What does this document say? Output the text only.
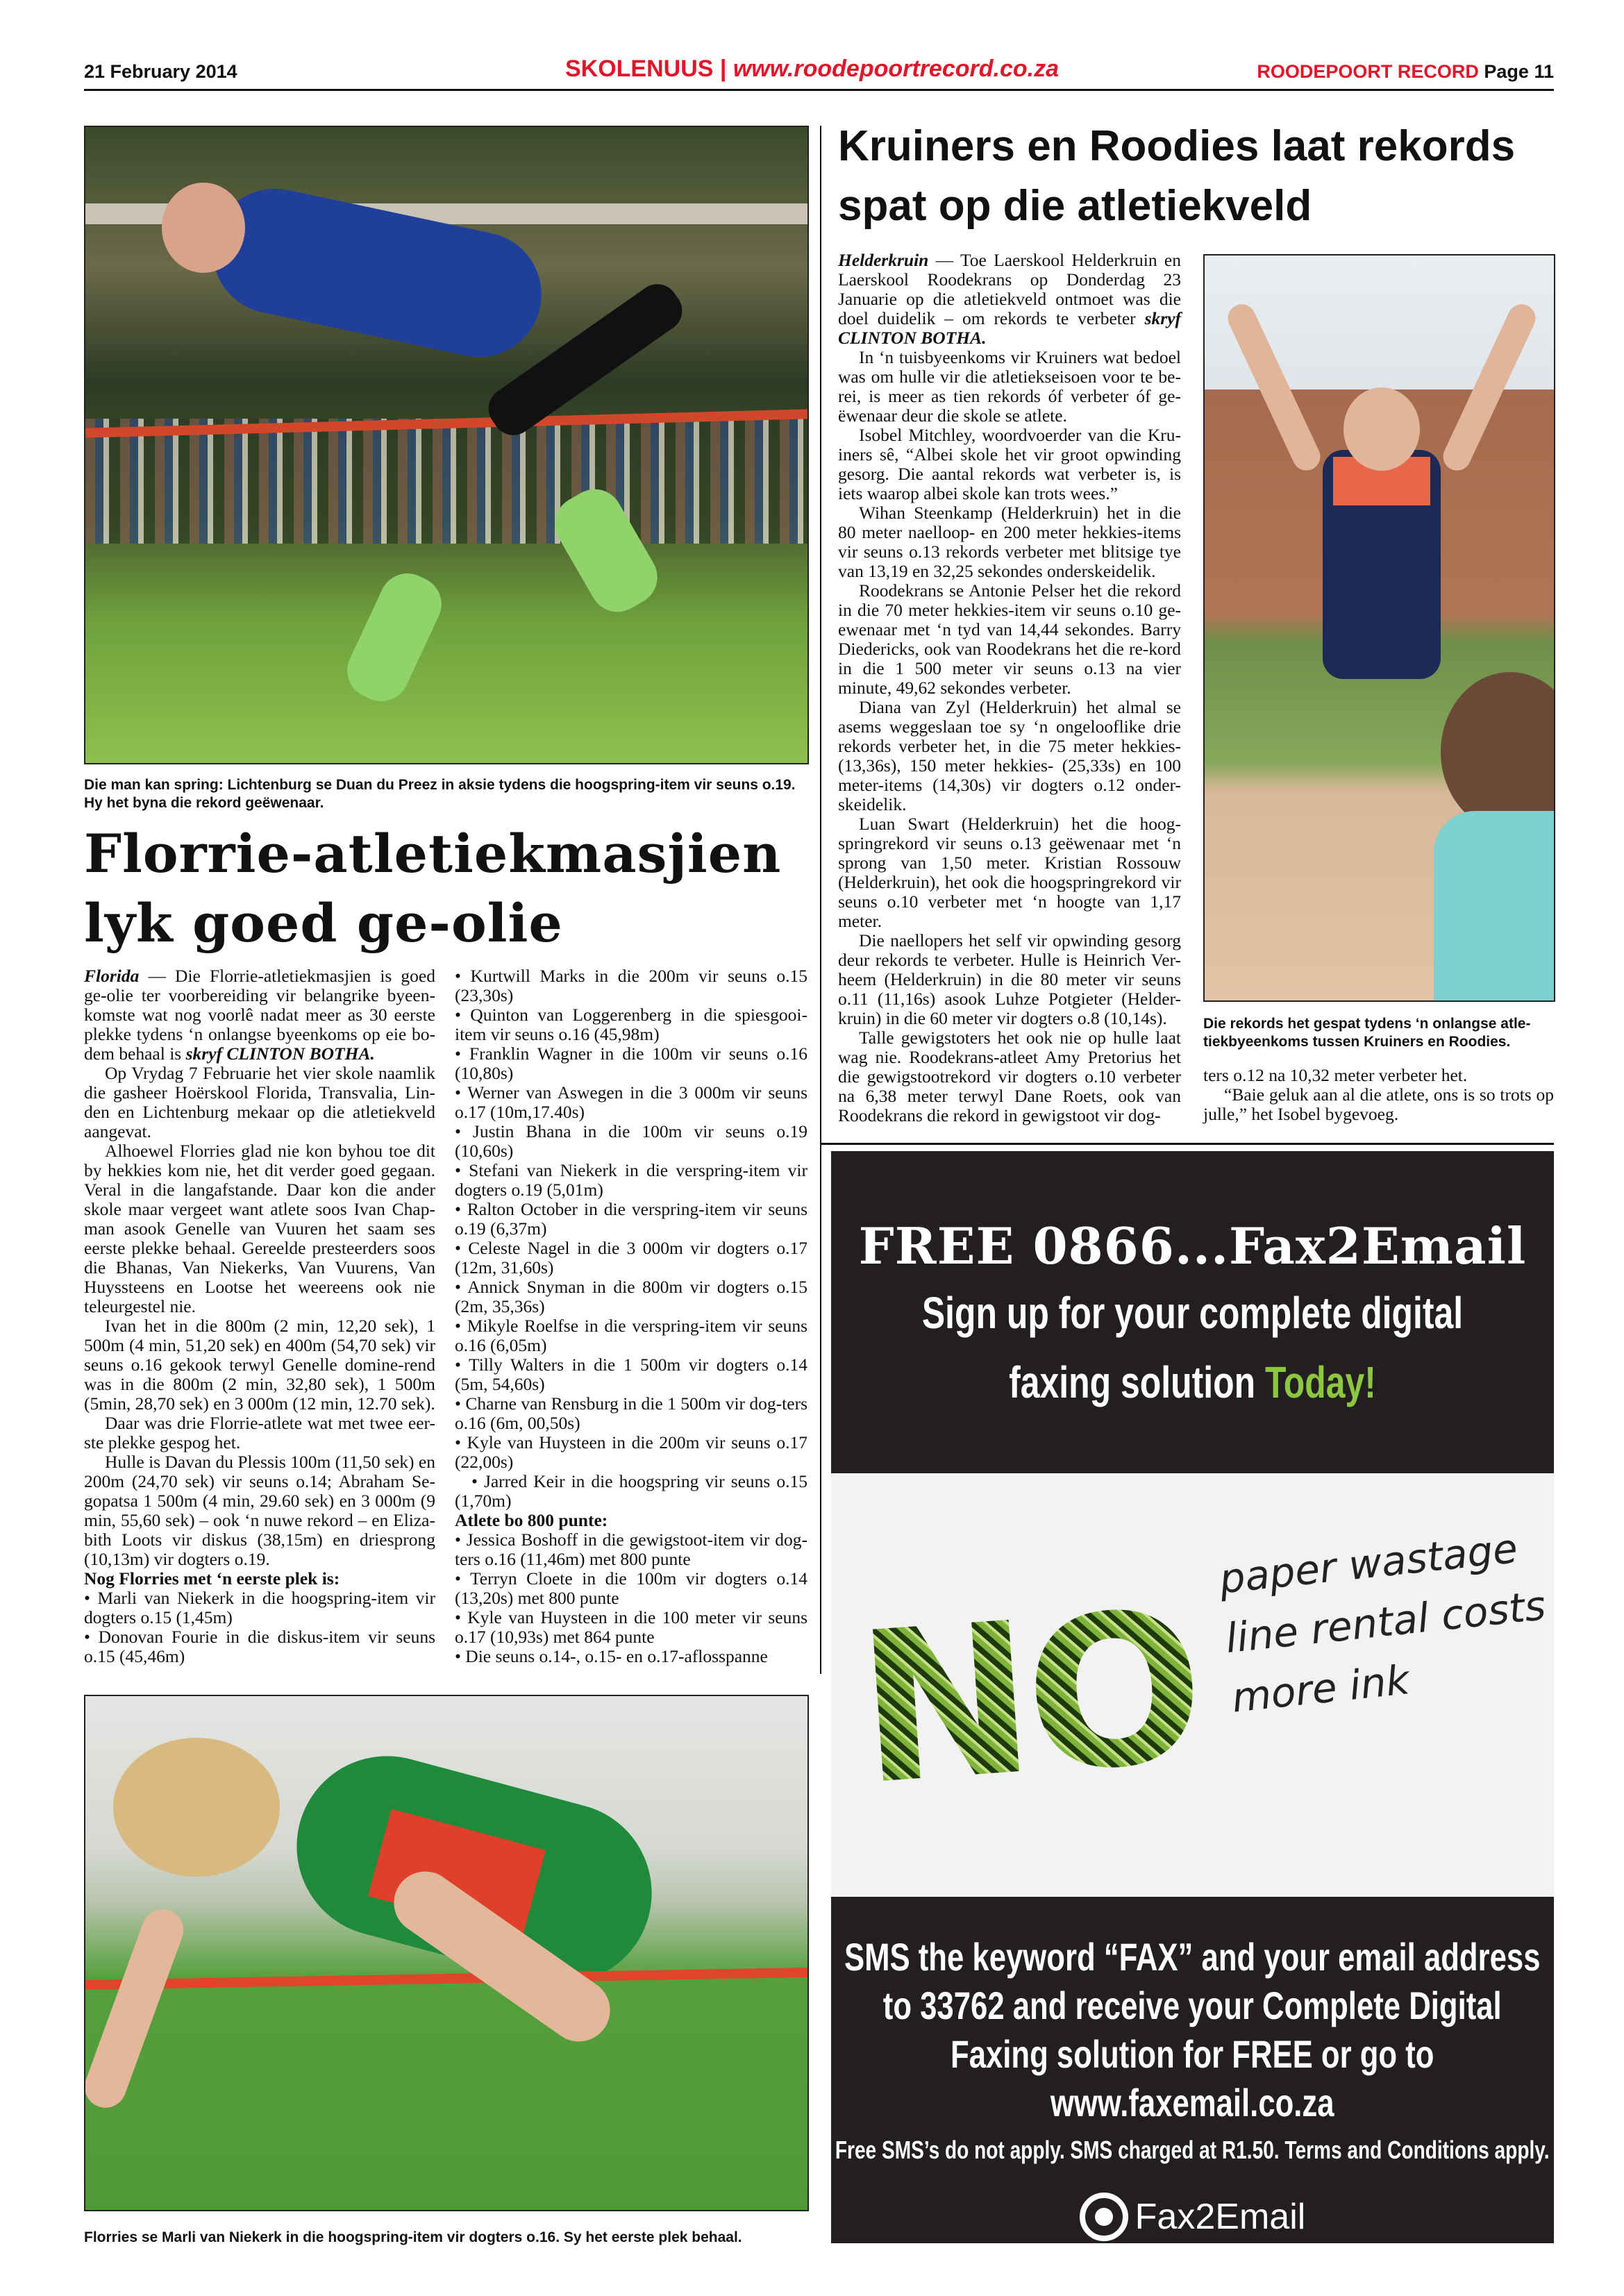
21 February 2014	SKOLENUUS | www.roodepoortrecord.co.za	ROODEPOORT RECORD Page 11
Die man kan spring: Lichtenburg se Duan du Preez in aksie tydens die hoogspring-item vir seuns o.19. Hy het byna die rekord geëwenaar.
Florrie-atletiekmasjien
lyk goed ge-olie

Florida — Die Florrie-atletiekmasjien is goed ge-olie ter voorbereiding vir belangrike byeen-komste wat nog voorlê nadat meer as 30 eerste plekke tydens ‘n onlangse byeenkoms op eie bo-dem behaal is skryf CLINTON BOTHA.

Op Vrydag 7 Februarie het vier skole naamlik die gasheer Hoërskool Florida, Transvalia, Lin-den en Lichtenburg mekaar op die atletiekveld aangevat.

Alhoewel Florries glad nie kon byhou toe dit by hekkies kom nie, het dit verder goed gegaan. Veral in die langafstande. Daar kon die ander skole maar vergeet want atlete soos Ivan Chap-man asook Genelle van Vuuren het saam ses eerste plekke behaal. Gereelde presteerders soos die Bhanas, Van Niekerks, Van Vuurens, Van Huyssteens en Lootse het weereens ook nie teleurgestel nie.

Ivan het in die 800m (2 min, 12,20 sek), 1 500m (4 min, 51,20 sek) en 400m (54,70 sek) vir seuns o.16 gekook terwyl Genelle domine-rend was in die 800m (2 min, 32,80 sek), 1 500m (5min, 28,70 sek) en 3 000m (12 min, 12.70 sek).

Daar was drie Florrie-atlete wat met twee eer-ste plekke gespog het.

Hulle is Davan du Plessis 100m (11,50 sek) en 200m (24,70 sek) vir seuns o.14; Abraham Se-gopatsa 1 500m (4 min, 29.60 sek) en 3 000m (9 min, 55,60 sek) – ook ‘n nuwe rekord – en Eliza-bith Loots vir diskus (38,15m) en driesprong (10,13m) vir dogters o.19.

Nog Florries met ‘n eerste plek is:

• Marli van Niekerk in die hoogspring-item vir dogters o.15 (1,45m)

• Donovan Fourie in die diskus-item vir seuns o.15 (45,46m)

• Kurtwill Marks in die 200m vir seuns o.15 (23,30s)

• Quinton van Loggerenberg in die spiesgooi-item vir seuns o.16 (45,98m)

• Franklin Wagner in die 100m vir seuns o.16 (10,80s)

• Werner van Aswegen in die 3 000m vir seuns o.17 (10m,17.40s)

• Justin Bhana in die 100m vir seuns o.19 (10,60s)

• Stefani van Niekerk in die verspring-item vir dogters o.19 (5,01m)

• Ralton October in die verspring-item vir seuns o.19 (6,37m)

• Celeste Nagel in die 3 000m vir dogters o.17 (12m, 31,60s)

• Annick Snyman in die 800m vir dogters o.15 (2m, 35,36s)

• Mikyle Roelfse in die verspring-item vir seuns o.16 (6,05m)

• Tilly Walters in die 1 500m vir dogters o.14 (5m, 54,60s)

• Charne van Rensburg in die 1 500m vir dog-ters o.16 (6m, 00,50s)

• Kyle van Huysteen in die 200m vir seuns o.17 (22,00s)

• Jarred Keir in die hoogspring vir seuns o.15 (1,70m)

Atlete bo 800 punte:

• Jessica Boshoff in die gewigstoot-item vir dog-ters o.16 (11,46m) met 800 punte

• Terryn Cloete in die 100m vir dogters o.14 (13,20s) met 800 punte

• Kyle van Huysteen in die 100 meter vir seuns o.17 (10,93s) met 864 punte

• Die seuns o.14-, o.15- en o.17-aflosspanne

Kruiners en Roodies laat rekords spat op die atletiekveld

Helderkruin — Toe Laerskool Helderkruin en Laerskool Roodekrans op Donderdag 23 Januarie op die atletiekveld ontmoet was die doel duidelik – om rekords te verbeter skryf CLINTON BOTHA.

In ‘n tuisbyeenkoms vir Kruiners wat bedoel was om hulle vir die atletiekseisoen voor te be-rei, is meer as tien rekords óf verbeter óf ge-ëwenaar deur die skole se atlete.

Isobel Mitchley, woordvoerder van die Kru-iners sê, “Albei skole het vir groot opwinding gesorg. Die aantal rekords wat verbeter is, is iets waarop albei skole kan trots wees.”

Wihan Steenkamp (Helderkruin) het in die 80 meter naelloop- en 200 meter hekkies-items vir seuns o.13 rekords verbeter met blitsige tye van 13,19 en 32,25 sekondes onderskeidelik.

Roodekrans se Antonie Pelser het die rekord in die 70 meter hekkies-item vir seuns o.10 ge-ewenaar met ‘n tyd van 14,44 sekondes. Barry Diedericks, ook van Roodekrans het die re-kord in die 1 500 meter vir seuns o.13 na vier minute, 49,62 sekondes verbeter.

Diana van Zyl (Helderkruin) het almal se asems weggeslaan toe sy ‘n ongelooflike drie rekords verbeter het, in die 75 meter hekkies- (13,36s), 150 meter hekkies- (25,33s) en 100 meter-items (14,30s) vir dogters o.12 onder-skeidelik.

Luan Swart (Helderkruin) het die hoog-springrekord vir seuns o.13 geëwenaar met ‘n sprong van 1,50 meter. Kristian Rossouw (Helderkruin), het ook die hoogspringrekord vir seuns o.10 verbeter met ‘n hoogte van 1,17 meter.

Die naellopers het self vir opwinding gesorg deur rekords te verbeter. Hulle is Heinrich Ver-heem (Helderkruin) in die 80 meter vir seuns o.11 (11,16s) asook Luhze Potgieter (Helder-kruin) in die 60 meter vir dogters o.8 (10,14s).

Talle gewigstoters het ook nie op hulle laat wag nie. Roodekrans-atleet Amy Pretorius het die gewigstootrekord vir dogters o.10 verbeter na 6,38 meter terwyl Dane Roets, ook van Roodekrans die rekord in gewigstoot vir dog-

Die rekords het gespat tydens ‘n onlangse atle-tiekbyeenkoms tussen Kruiners en Roodies.

ters o.12 na 10,32 meter verbeter het.

“Baie geluk aan al die atlete, ons is so trots op julle,” het Isobel bygevoeg.

FREE 0866...Fax2Email
Sign up for your complete digital
faxing solution Today!
NO
paper wastage
line rental costs
more ink
SMS the keyword “FAX” and your email address to 33762 and receive your Complete Digital Faxing solution for FREE or go to www.faxemail.co.za
Free SMS’s do not apply. SMS charged at R1.50. Terms and Conditions apply.
Fax2Email
Florries se Marli van Niekerk in die hoogspring-item vir dogters o.16. Sy het eerste plek behaal.
